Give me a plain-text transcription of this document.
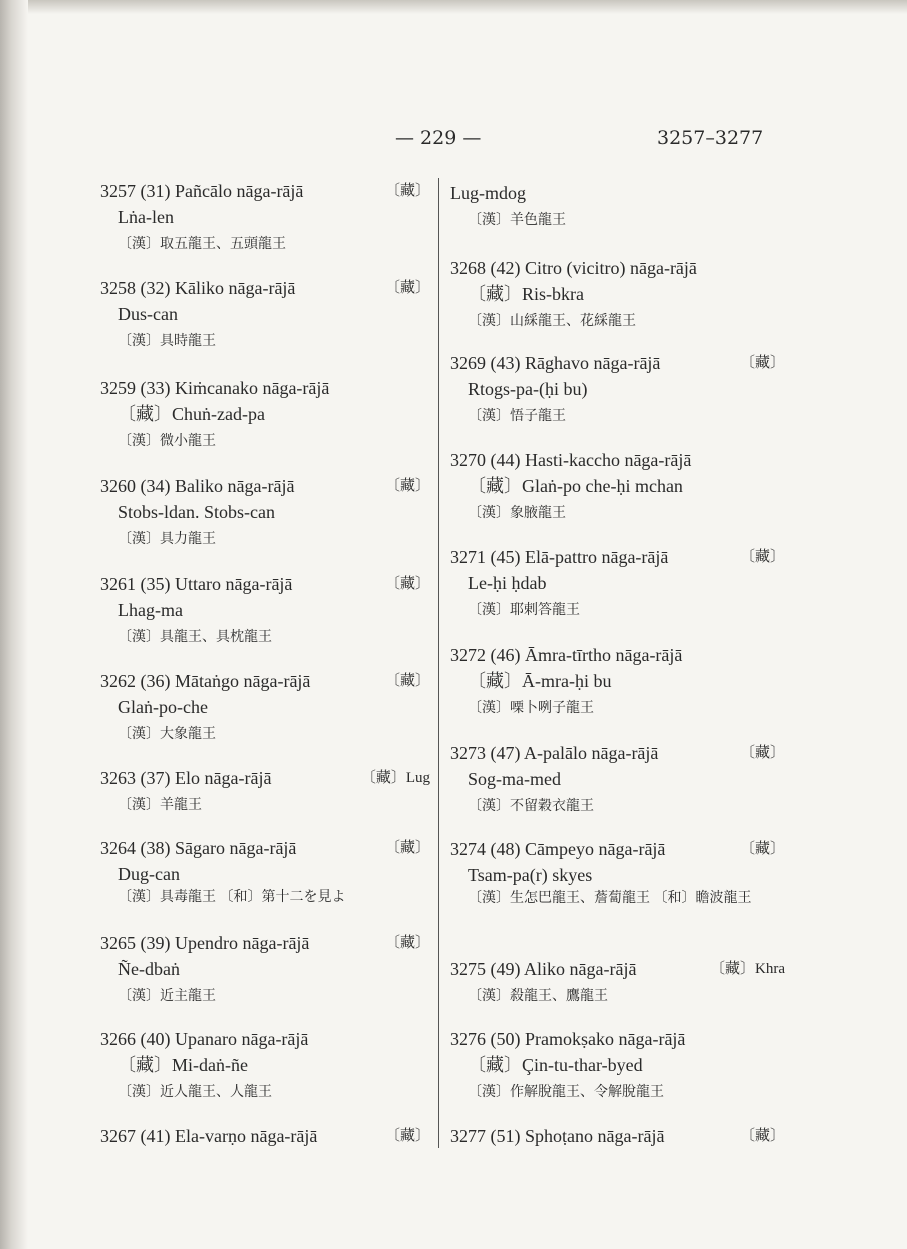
— 229 —	3257–3277
3257 (31) Pañcālo nāga-rājā	〔藏〕
Lṅa-len
〔漢〕取五龍王、五頭龍王
3258 (32) Kāliko nāga-rājā	〔藏〕
Dus-can
〔漢〕具時龍王
3259 (33) Kiṁcanako nāga-rājā
〔藏〕Chuṅ-zad-pa
〔漢〕微小龍王
3260 (34) Baliko nāga-rājā	〔藏〕
Stobs-ldan. Stobs-can
〔漢〕具力龍王
3261 (35) Uttaro nāga-rājā	〔藏〕
Lhag-ma
〔漢〕具龍王、具枕龍王
3262 (36) Mātaṅgo nāga-rājā	〔藏〕
Glaṅ-po-che
〔漢〕大象龍王
3263 (37) Elo nāga-rājā	〔藏〕Lug
〔漢〕羊龍王
3264 (38) Sāgaro nāga-rājā	〔藏〕
Dug-can
〔漢〕具毒龍王 〔和〕第十二を見よ
3265 (39) Upendro nāga-rājā	〔藏〕
Ñe-dbaṅ
〔漢〕近主龍王
3266 (40) Upanaro nāga-rājā
〔藏〕Mi-daṅ-ñe
〔漢〕近人龍王、人龍王
3267 (41) Ela-varṇo nāga-rājā	〔藏〕
Lug-mdog
〔漢〕羊色龍王
3268 (42) Citro (vicitro) nāga-rājā
〔藏〕Ris-bkra
〔漢〕山綵龍王、花綵龍王
3269 (43) Rāghavo nāga-rājā	〔藏〕
Rtogs-pa-(ḥi bu)
〔漢〕悟子龍王
3270 (44) Hasti-kaccho nāga-rājā
〔藏〕Glaṅ-po che-ḥi mchan
〔漢〕象腋龍王
3271 (45) Elā-pattro nāga-rājā	〔藏〕
Le-ḥi ḥdab
〔漢〕耶剌答龍王
3272 (46) Āmra-tīrtho nāga-rājā
〔藏〕Ā-mra-ḥi bu
〔漢〕㗚卜咧子龍王
3273 (47) A-palālo nāga-rājā	〔藏〕
Sog-ma-med
〔漢〕不留穀衣龍王
3274 (48) Cāmpeyo nāga-rājā	〔藏〕
Tsam-pa(r) skyes
〔漢〕生怎巴龍王、薝蔔龍王 〔和〕瞻波龍王
3275 (49) Aliko nāga-rājā	〔藏〕Khra
〔漢〕殺龍王、鷹龍王
3276 (50) Pramokṣako nāga-rājā
〔藏〕Çin-tu-thar-byed
〔漢〕作解脫龍王、令解脫龍王
3277 (51) Sphoṭano nāga-rājā	〔藏〕
